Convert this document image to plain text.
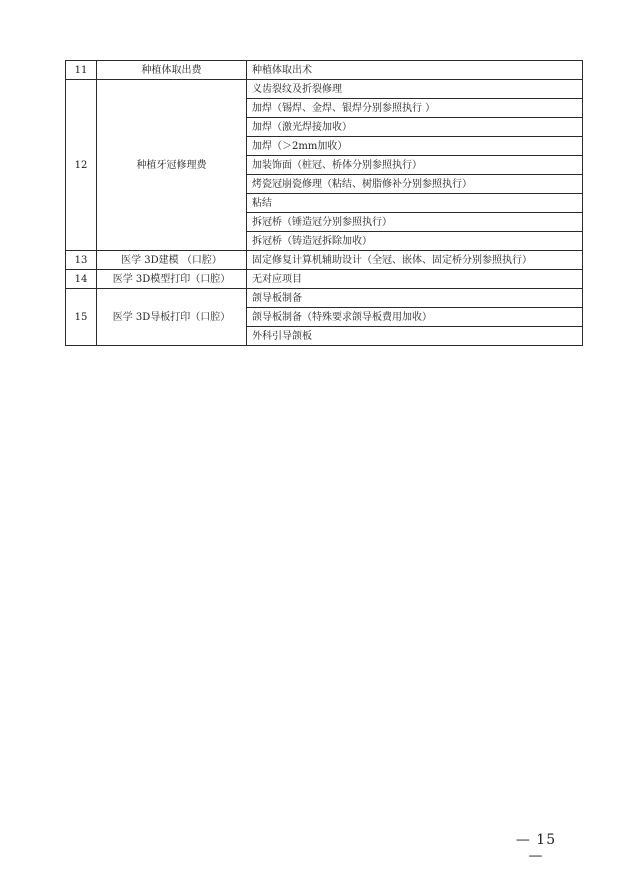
11	种植体取出费	种植体取出术
12	种植牙冠修理费	义齿裂纹及折裂修理
		加焊（锡焊、金焊、银焊分别参照执行 ）
		加焊（激光焊接加收）
		加焊（＞2mm加收）
		加装饰面（桩冠、桥体分别参照执行）
		烤瓷冠崩瓷修理（粘结、树脂修补分别参照执行）
		粘结
		拆冠桥（锤造冠分别参照执行）
		拆冠桥（铸造冠拆除加收）
13	医学 3D建模 （口腔）	固定修复计算机辅助设计（全冠、嵌体、固定桥分别参照执行）
14	医学 3D模型打印（口腔）	无对应项目
15	医学 3D导板打印（口腔）	颌导板制备
		颌导板制备（特殊要求颌导板费用加收）
		外科引导颌板
— 15 —
